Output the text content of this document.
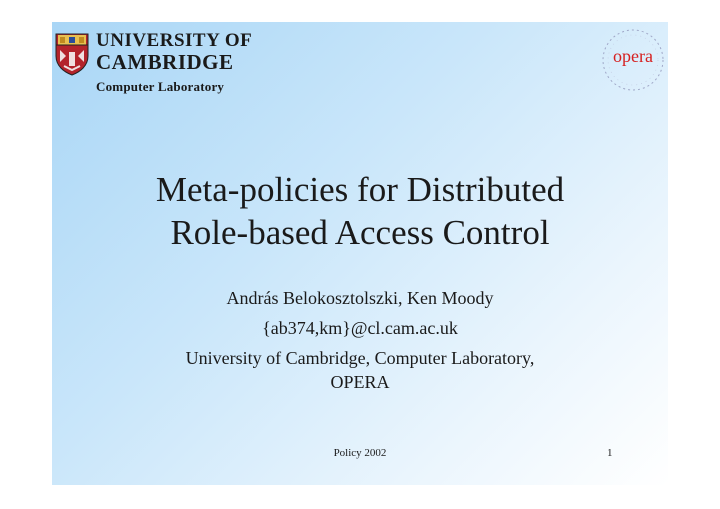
UNIVERSITY OF
CAMBRIDGE
Computer Laboratory
opera
Meta-policies for Distributed
Role-based Access Control
András Belokosztolszki, Ken Moody
{ab374,km}@cl.cam.ac.uk
University of Cambridge, Computer Laboratory,
OPERA
Policy 2002	1
